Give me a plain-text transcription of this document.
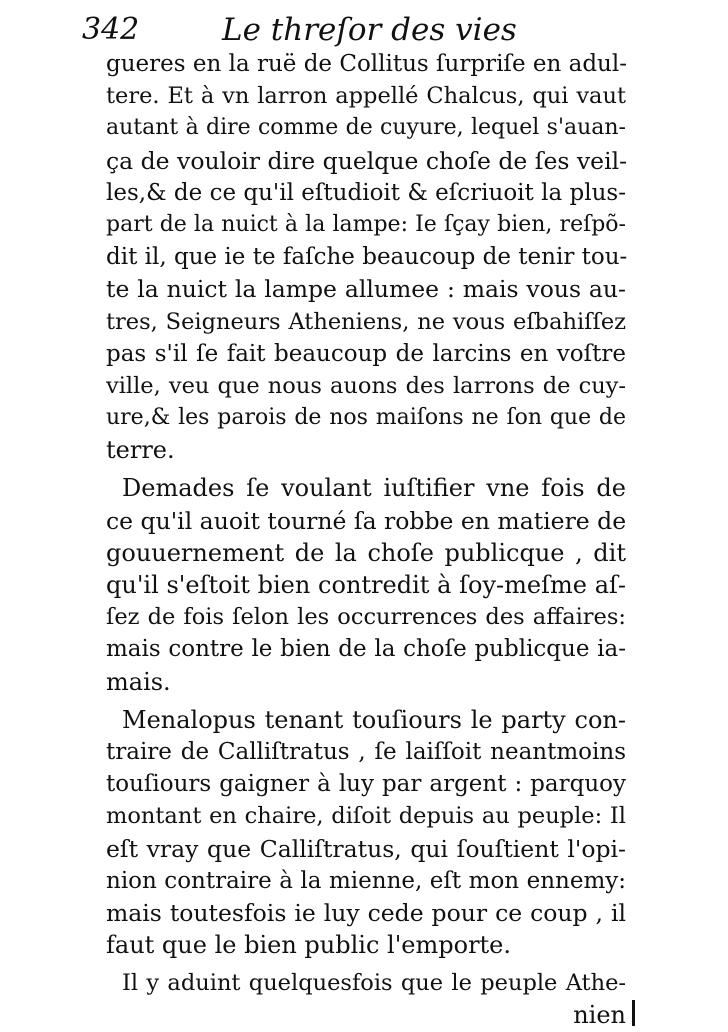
342	Le threſor des vies
gueres en la ruë de Collitus ſurpriſe en adul-
tere. Et à vn larron appellé Chalcus, qui vaut
autant à dire comme de cuyure, lequel s'auan-
ça de vouloir dire quelque choſe de ſes veil-
les,& de ce qu'il eſtudioit & eſcriuoit la plus-
part de la nuict à la lampe: Ie ſçay bien, reſpõ-
dit il, que ie te faſche beaucoup de tenir tou-
te la nuict la lampe allumee : mais vous au-
tres, Seigneurs Atheniens, ne vous eſbahiſſez
pas s'il ſe fait beaucoup de larcins en voſtre
ville, veu que nous auons des larrons de cuy-
ure,& les parois de nos maiſons ne ſon que de
terre.
Demades ſe voulant iuſtifier vne fois de
ce qu'il auoit tourné ſa robbe en matiere de
gouuernement de la choſe publicque , dit
qu'il s'eſtoit bien contredit à ſoy-meſme aſ-
ſez de fois ſelon les occurrences des affaires:
mais contre le bien de la choſe publicque ia-
mais.
Menalopus tenant touſiours le party con-
traire de Calliſtratus , ſe laiſſoit neantmoins
touſiours gaigner à luy par argent : parquoy
montant en chaire, diſoit depuis au peuple: Il
eſt vray que Calliſtratus, qui ſouſtient l'opi-
nion contraire à la mienne, eſt mon ennemy:
mais toutesfois ie luy cede pour ce coup , il
faut que le bien public l'emporte.
Il y aduint quelquesfois que le peuple Athe-
nien
